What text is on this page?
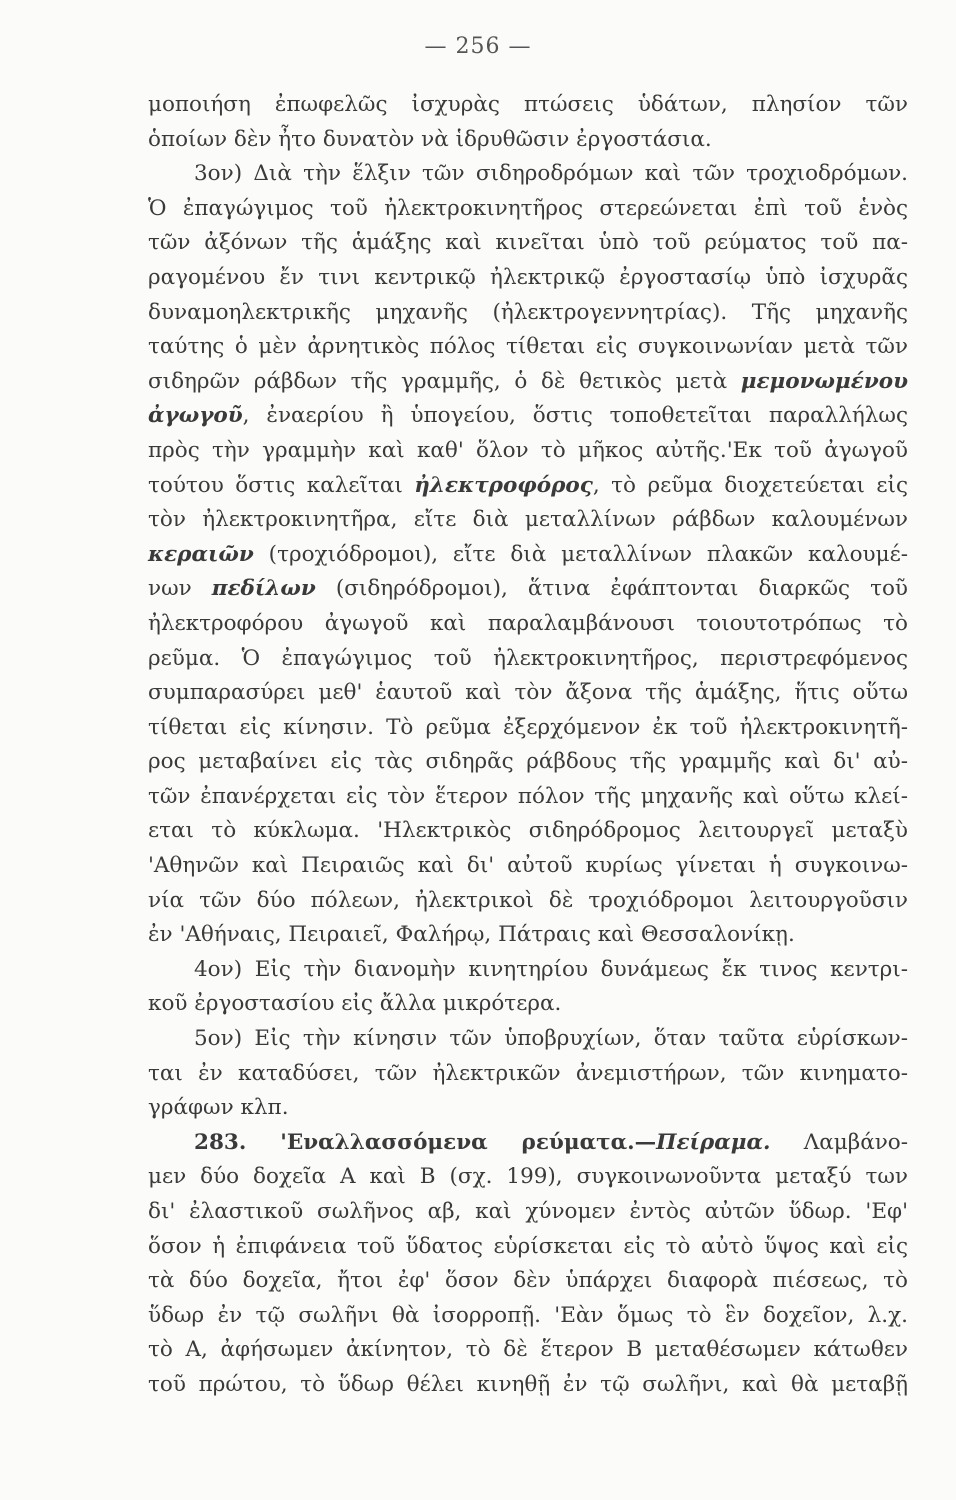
— 256 —
μοποιήση ἐπωφελῶς ἰσχυρὰς πτώσεις ὑδάτων, πλησίον τῶν
ὁποίων δὲν ἦτο δυνατὸν νὰ ἱδρυθῶσιν ἐργοστάσια.
3ον) Διὰ τὴν ἕλξιν τῶν σιδηροδρόμων καὶ τῶν τροχιοδρόμων.
Ὁ ἐπαγώγιμος τοῦ ἠλεκτροκινητῆρος στερεώνεται ἐπὶ τοῦ ἑνὸς
τῶν ἀξόνων τῆς ἁμάξης καὶ κινεῖται ὑπὸ τοῦ ρεύματος τοῦ πα-
ραγομένου ἔν τινι κεντρικῷ ἠλεκτρικῷ ἐργοστασίῳ ὑπὸ ἰσχυρᾶς
δυναμοηλεκτρικῆς μηχανῆς (ἠλεκτρογεννητρίας). Τῆς μηχανῆς
ταύτης ὁ μὲν ἀρνητικὸς πόλος τίθεται εἰς συγκοινωνίαν μετὰ τῶν
σιδηρῶν ράβδων τῆς γραμμῆς, ὁ δὲ θετικὸς μετὰ μεμονωμένου
ἀγωγοῦ, ἐναερίου ἢ ὑπογείου, ὅστις τοποθετεῖται παραλλήλως
πρὸς τὴν γραμμὴν καὶ καθ' ὅλον τὸ μῆκος αὐτῆς.'Εκ τοῦ ἀγωγοῦ
τούτου ὅστις καλεῖται ἠλεκτροφόρος, τὸ ρεῦμα διοχετεύεται εἰς
τὸν ἠλεκτροκινητῆρα, εἴτε διὰ μεταλλίνων ράβδων καλουμένων
κεραιῶν (τροχιόδρομοι), εἴτε διὰ μεταλλίνων πλακῶν καλουμέ-
νων πεδίλων (σιδηρόδρομοι), ἅτινα ἐφάπτονται διαρκῶς τοῦ
ἠλεκτροφόρου ἀγωγοῦ καὶ παραλαμβάνουσι τοιουτοτρόπως τὸ
ρεῦμα. Ὁ ἐπαγώγιμος τοῦ ἠλεκτροκινητῆρος, περιστρεφόμενος
συμπαρασύρει μεθ' ἑαυτοῦ καὶ τὸν ἄξονα τῆς ἁμάξης, ἥτις οὕτω
τίθεται εἰς κίνησιν. Τὸ ρεῦμα ἐξερχόμενον ἐκ τοῦ ἠλεκτροκινητῆ-
ρος μεταβαίνει εἰς τὰς σιδηρᾶς ράβδους τῆς γραμμῆς καὶ δι' αὐ-
τῶν ἐπανέρχεται εἰς τὸν ἕτερον πόλον τῆς μηχανῆς καὶ οὕτω κλεί-
εται τὸ κύκλωμα. 'Ηλεκτρικὸς σιδηρόδρομος λειτουργεῖ μεταξὺ
'Αθηνῶν καὶ Πειραιῶς καὶ δι' αὐτοῦ κυρίως γίνεται ἡ συγκοινω-
νία τῶν δύο πόλεων, ἠλεκτρικοὶ δὲ τροχιόδρομοι λειτουργοῦσιν
ἐν 'Αθήναις, Πειραιεῖ, Φαλήρῳ, Πάτραις καὶ Θεσσαλονίκῃ.
4ον) Εἰς τὴν διανομὴν κινητηρίου δυνάμεως ἔκ τινος κεντρι-
κοῦ ἐργοστασίου εἰς ἄλλα μικρότερα.
5ον) Εἰς τὴν κίνησιν τῶν ὑποβρυχίων, ὅταν ταῦτα εὑρίσκων-
ται ἐν καταδύσει, τῶν ἠλεκτρικῶν ἀνεμιστήρων, τῶν κινηματο-
γράφων κλπ.
283. 'Εναλλασσόμενα ρεύματα.—Πείραμα. Λαμβάνο-
μεν δύο δοχεῖα Α καὶ Β (σχ. 199), συγκοινωνοῦντα μεταξύ των
δι' ἐλαστικοῦ σωλῆνος αβ, καὶ χύνομεν ἐντὸς αὐτῶν ὕδωρ. 'Εφ'
ὅσον ἡ ἐπιφάνεια τοῦ ὕδατος εὑρίσκεται εἰς τὸ αὐτὸ ὕψος καὶ εἰς
τὰ δύο δοχεῖα, ἤτοι ἐφ' ὅσον δὲν ὑπάρχει διαφορὰ πιέσεως, τὸ
ὕδωρ ἐν τῷ σωλῆνι θὰ ἰσορροπῇ. 'Εὰν ὅμως τὸ ἓν δοχεῖον, λ.χ.
τὸ Α, ἀφήσωμεν ἀκίνητον, τὸ δὲ ἕτερον Β μεταθέσωμεν κάτωθεν
τοῦ πρώτου, τὸ ὕδωρ θέλει κινηθῇ ἐν τῷ σωλῆνι, καὶ θὰ μεταβῇ
